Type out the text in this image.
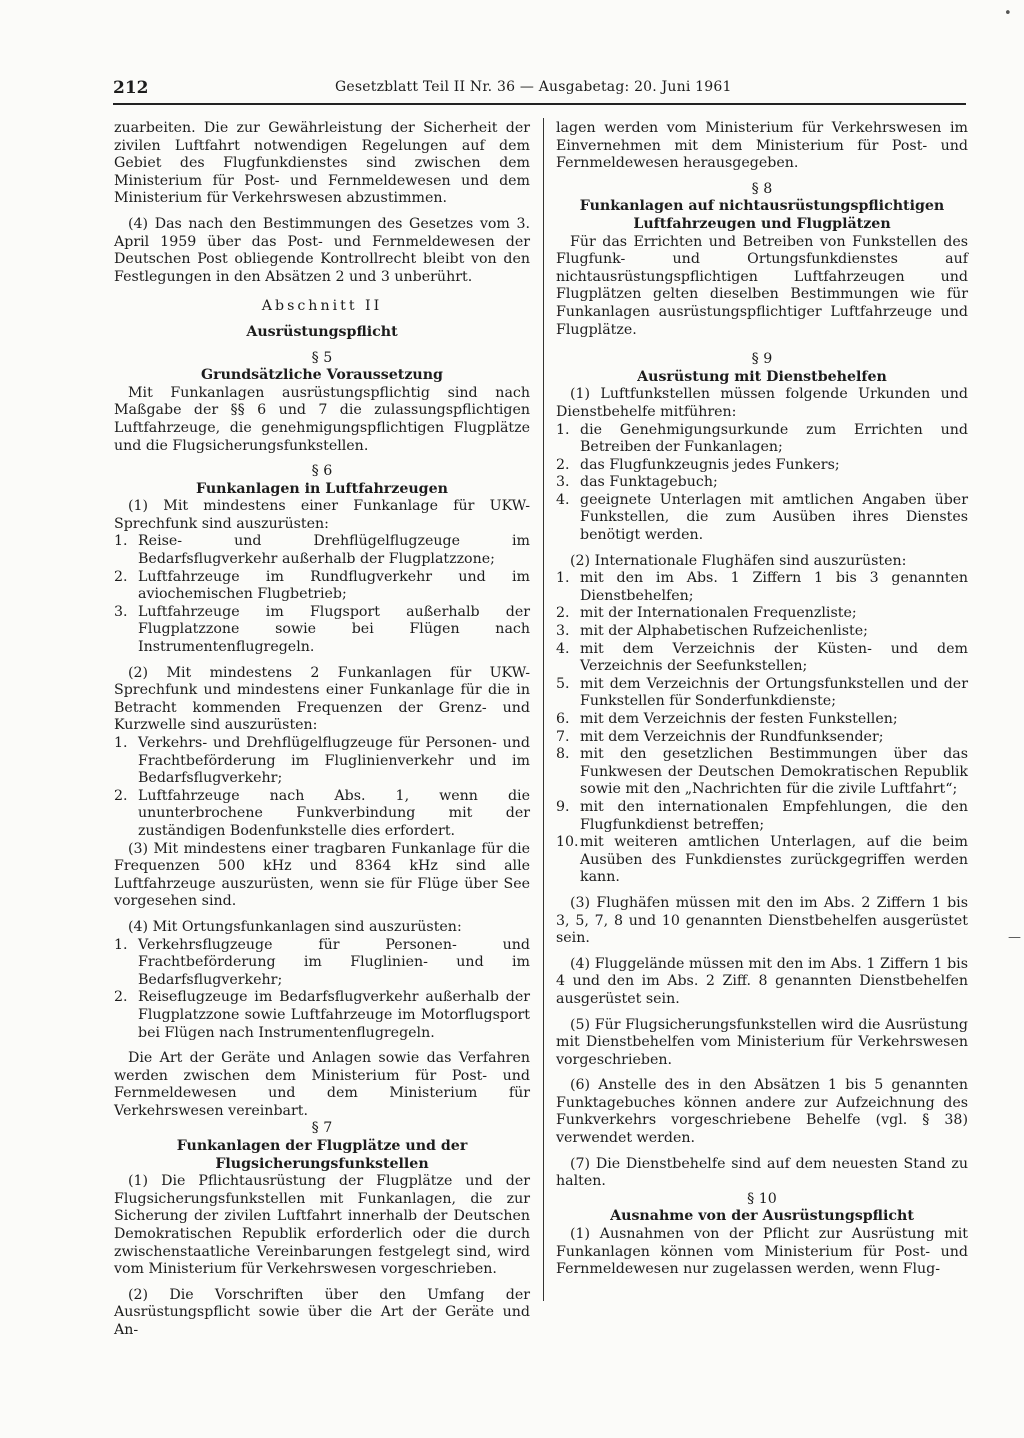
•
—
212	Gesetzblatt Teil II Nr. 36 — Ausgabetag: 20. Juni 1961

zuarbeiten. Die zur Gewährleistung der Sicherheit der zivilen Luftfahrt notwendigen Regelungen auf dem Gebiet des Flugfunkdienstes sind zwischen dem Ministerium für Post- und Fernmeldewesen und dem Ministerium für Verkehrswesen abzustimmen.

(4) Das nach den Bestimmungen des Gesetzes vom 3. April 1959 über das Post- und Fernmeldewesen der Deutschen Post obliegende Kontrollrecht bleibt von den Festlegungen in den Absätzen 2 und 3 unberührt.

Abschnitt II

Ausrüstungspflicht

§ 5

Grundsätzliche Voraussetzung

Mit Funkanlagen ausrüstungspflichtig sind nach Maßgabe der §§ 6 und 7 die zulassungspflichtigen Luftfahrzeuge, die genehmigungspflichtigen Flugplätze und die Flugsicherungsfunkstellen.

§ 6

Funkanlagen in Luftfahrzeugen

(1) Mit mindestens einer Funkanlage für UKW-Sprechfunk sind auszurüsten:

1. Reise- und Drehflügelflugzeuge im Bedarfsflugverkehr außerhalb der Flugplatzzone;
2. Luftfahrzeuge im Rundflugverkehr und im aviochemischen Flugbetrieb;
3. Luftfahrzeuge im Flugsport außerhalb der Flugplatzzone sowie bei Flügen nach Instrumentenflugregeln.

(2) Mit mindestens 2 Funkanlagen für UKW-Sprechfunk und mindestens einer Funkanlage für die in Betracht kommenden Frequenzen der Grenz- und Kurzwelle sind auszurüsten:

1. Verkehrs- und Drehflügelflugzeuge für Personen- und Frachtbeförderung im Fluglinienverkehr und im Bedarfsflugverkehr;
2. Luftfahrzeuge nach Abs. 1, wenn die ununterbrochene Funkverbindung mit der zuständigen Bodenfunkstelle dies erfordert.

(3) Mit mindestens einer tragbaren Funkanlage für die Frequenzen 500 kHz und 8364 kHz sind alle Luftfahrzeuge auszurüsten, wenn sie für Flüge über See vorgesehen sind.

(4) Mit Ortungsfunkanlagen sind auszurüsten:

1. Verkehrsflugzeuge für Personen- und Frachtbeförderung im Fluglinien- und im Bedarfsflugverkehr;
2. Reiseflugzeuge im Bedarfsflugverkehr außerhalb der Flugplatzzone sowie Luftfahrzeuge im Motorflugsport bei Flügen nach Instrumentenflugregeln.

Die Art der Geräte und Anlagen sowie das Verfahren werden zwischen dem Ministerium für Post- und Fernmeldewesen und dem Ministerium für Verkehrswesen vereinbart.

§ 7

Funkanlagen der Flugplätze und der Flugsicherungsfunkstellen

(1) Die Pflichtausrüstung der Flugplätze und der Flugsicherungsfunkstellen mit Funkanlagen, die zur Sicherung der zivilen Luftfahrt innerhalb der Deutschen Demokratischen Republik erforderlich oder die durch zwischenstaatliche Vereinbarungen festgelegt sind, wird vom Ministerium für Verkehrswesen vorgeschrieben.

(2) Die Vorschriften über den Umfang der Ausrüstungspflicht sowie über die Art der Geräte und An-

lagen werden vom Ministerium für Verkehrswesen im Einvernehmen mit dem Ministerium für Post- und Fernmeldewesen herausgegeben.

§ 8

Funkanlagen auf nichtausrüstungspflichtigen Luftfahrzeugen und Flugplätzen

Für das Errichten und Betreiben von Funkstellen des Flugfunk- und Ortungsfunkdienstes auf nichtausrüstungspflichtigen Luftfahrzeugen und Flugplätzen gelten dieselben Bestimmungen wie für Funkanlagen ausrüstungspflichtiger Luftfahrzeuge und Flugplätze.

§ 9

Ausrüstung mit Dienstbehelfen

(1) Luftfunkstellen müssen folgende Urkunden und Dienstbehelfe mitführen:

1. die Genehmigungsurkunde zum Errichten und Betreiben der Funkanlagen;
2. das Flugfunkzeugnis jedes Funkers;
3. das Funktagebuch;
4. geeignete Unterlagen mit amtlichen Angaben über Funkstellen, die zum Ausüben ihres Dienstes benötigt werden.

(2) Internationale Flughäfen sind auszurüsten:

1. mit den im Abs. 1 Ziffern 1 bis 3 genannten Dienstbehelfen;
2. mit der Internationalen Frequenzliste;
3. mit der Alphabetischen Rufzeichenliste;
4. mit dem Verzeichnis der Küsten- und dem Verzeichnis der Seefunkstellen;
5. mit dem Verzeichnis der Ortungsfunkstellen und der Funkstellen für Sonderfunkdienste;
6. mit dem Verzeichnis der festen Funkstellen;
7. mit dem Verzeichnis der Rundfunksender;
8. mit den gesetzlichen Bestimmungen über das Funkwesen der Deutschen Demokratischen Republik sowie mit den „Nachrichten für die zivile Luftfahrt“;
9. mit den internationalen Empfehlungen, die den Flugfunkdienst betreffen;
10. mit weiteren amtlichen Unterlagen, auf die beim Ausüben des Funkdienstes zurückgegriffen werden kann.

(3) Flughäfen müssen mit den im Abs. 2 Ziffern 1 bis 3, 5, 7, 8 und 10 genannten Dienstbehelfen ausgerüstet sein.

(4) Fluggelände müssen mit den im Abs. 1 Ziffern 1 bis 4 und den im Abs. 2 Ziff. 8 genannten Dienstbehelfen ausgerüstet sein.

(5) Für Flugsicherungsfunkstellen wird die Ausrüstung mit Dienstbehelfen vom Ministerium für Verkehrswesen vorgeschrieben.

(6) Anstelle des in den Absätzen 1 bis 5 genannten Funktagebuches können andere zur Aufzeichnung des Funkverkehrs vorgeschriebene Behelfe (vgl. § 38) verwendet werden.

(7) Die Dienstbehelfe sind auf dem neuesten Stand zu halten.

§ 10

Ausnahme von der Ausrüstungspflicht

(1) Ausnahmen von der Pflicht zur Ausrüstung mit Funkanlagen können vom Ministerium für Post- und Fernmeldewesen nur zugelassen werden, wenn Flug-
